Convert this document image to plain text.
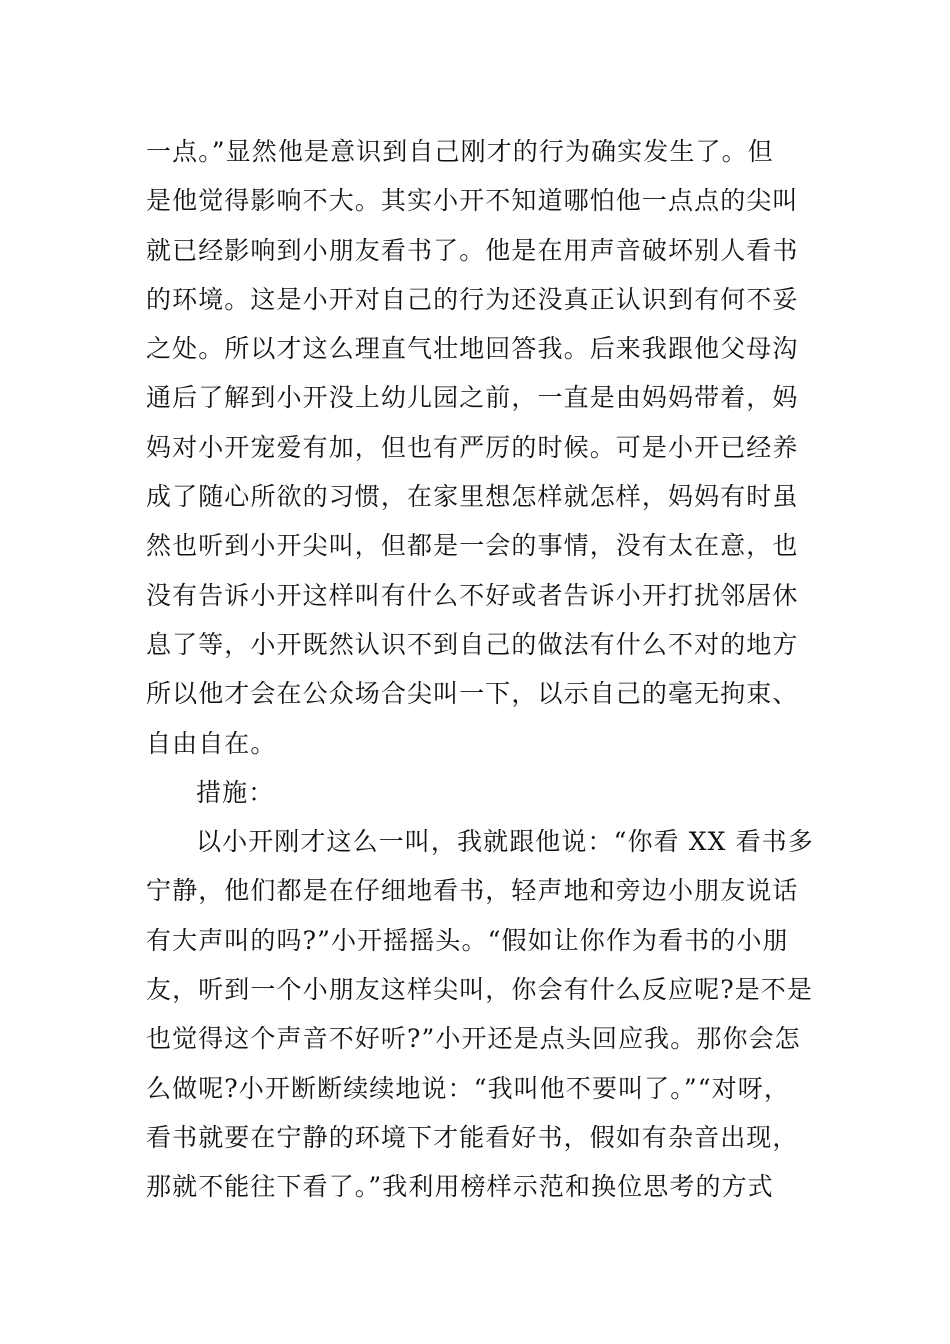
一点。”显然他是意识到自己刚才的行为确实发生了。但
是他觉得影响不大。其实小开不知道哪怕他一点点的尖叫
就已经影响到小朋友看书了。他是在用声音破坏别人看书
的环境。这是小开对自己的行为还没真正认识到有何不妥
之处。所以才这么理直气壮地回答我。后来我跟他父母沟
通后了解到小开没上幼儿园之前，一直是由妈妈带着，妈
妈对小开宠爱有加，但也有严厉的时候。可是小开已经养
成了随心所欲的习惯，在家里想怎样就怎样，妈妈有时虽
然也听到小开尖叫，但都是一会的事情，没有太在意，也
没有告诉小开这样叫有什么不好或者告诉小开打扰邻居休
息了等，小开既然认识不到自己的做法有什么不对的地方
所以他才会在公众场合尖叫一下，以示自己的毫无拘束、
自由自在。
措施：
以小开刚才这么一叫，我就跟他说：“你看 XX 看书多
宁静，他们都是在仔细地看书，轻声地和旁边小朋友说话
有大声叫的吗?”小开摇摇头。“假如让你作为看书的小朋
友，听到一个小朋友这样尖叫，你会有什么反应呢?是不是
也觉得这个声音不好听?”小开还是点头回应我。那你会怎
么做呢?小开断断续续地说：“我叫他不要叫了。”“对呀，
看书就要在宁静的环境下才能看好书，假如有杂音出现，
那就不能往下看了。”我利用榜样示范和换位思考的方式
